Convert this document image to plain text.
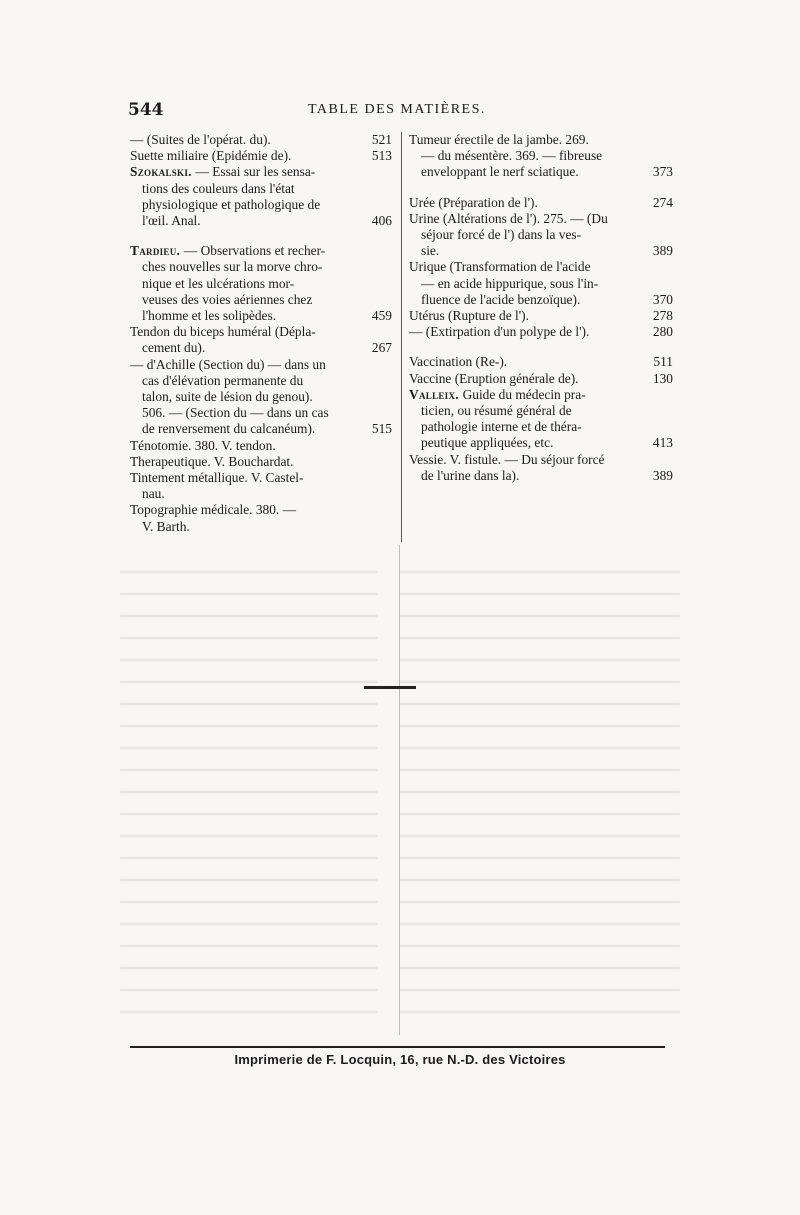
544	TABLE DES MATIÈRES.
— (Suites de l'opérat. du).	521
Suette miliaire (Epidémie de).	513
Szokalski. — Essai sur les sensa-
tions des couleurs dans l'état
physiologique et pathologique de
l'œil. Anal.	406
Tardieu. — Observations et recher-
ches nouvelles sur la morve chro-
nique et les ulcérations mor-
veuses des voies aériennes chez
l'homme et les solipèdes.	459
Tendon du biceps huméral (Dépla-
cement du).	267
— d'Achille (Section du) — dans un
cas d'élévation permanente du
talon, suite de lésion du genou).
506. — (Section du — dans un cas
de renversement du calcanéum).	515
Ténotomie. 380. V. tendon.
Therapeutique. V. Bouchardat.
Tintement métallique. V. Castel-
nau.
Topographie médicale. 380. —
V. Barth.
Tumeur érectile de la jambe. 269.
— du mésentère. 369. — fibreuse
enveloppant le nerf sciatique.	373
Urée (Préparation de l').	274
Urine (Altérations de l'). 275. — (Du
séjour forcé de l') dans la ves-
sie.	389
Urique (Transformation de l'acide
— en acide hippurique, sous l'in-
fluence de l'acide benzoïque).	370
Utérus (Rupture de l').	278
— (Extirpation d'un polype de l').	280
Vaccination (Re-).	511
Vaccine (Eruption générale de).	130
Valleix. Guide du médecin pra-
ticien, ou résumé général de
pathologie interne et de théra-
peutique appliquées, etc.	413
Vessie. V. fistule. — Du séjour forcé
de l'urine dans la).	389
Imprimerie de F. Locquin, 16, rue N.-D. des Victoires
